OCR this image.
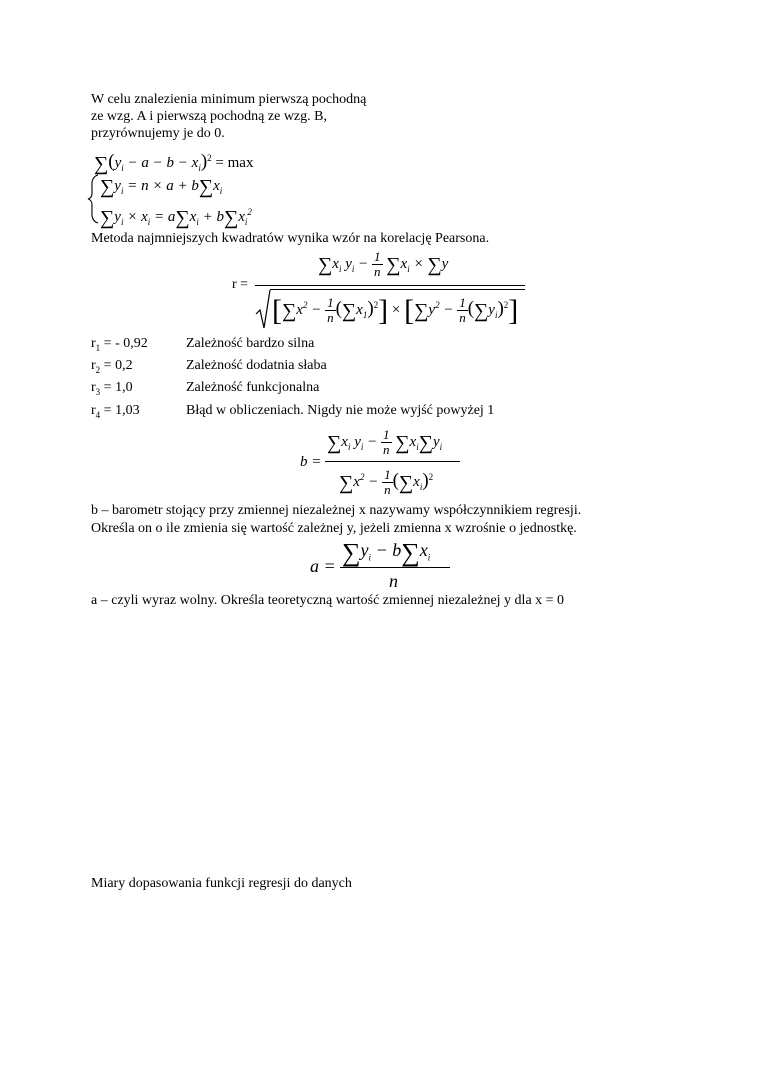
W celu znalezienia minimum pierwszą pochodną
ze wzg. A i pierwszą pochodną ze wzg. B,
przyrównujemy je do 0.
$\sum(y_i - a - b - x_i)^2 = \max$
$\sum y_i = n \times a + b\sum x_i$
$\sum y_i \times x_i = a\sum x_i + b\sum x_i^2$
Metoda najmniejszych kwadratów wynika wzór na korelację Pearsona.
r =
$\sum x_i$ $y_i - \frac{1}{n} \sum x_i \times \sum y$
$[\sum x^2 - \frac{1}{n}(\sum x_1)^2] \times [\sum y^2 - \frac{1}{n}(\sum y_i)^2]$
$r_1$ = - 0,92	Zależność bardzo silna
$r_2 = 0,2$	Zależność dodatnia słaba
$r_3 = 1,0$	Zależność funkcjonalna
$r_4 = 1,03$	Błąd w obliczeniach. Nigdy nie może wyjść powyżej 1
b =
$\sum x_i$ $y_i - \frac{1}{n} \sum x_i\sum y_i$
$\sum x^2 - \frac{1}{n}(\sum x_i)^2$
b – barometr stojący przy zmiennej niezależnej x nazywamy współczynnikiem regresji.
Określa on o ile zmienia się wartość zależnej y, jeżeli zmienna x wzrośnie o jednostkę.
$a = \sum y_i - b\sum x_i$
n
a – czyli wyraz wolny. Określa teoretyczną wartość zmiennej niezależnej y dla x = 0
Miary dopasowania funkcji regresji do danych
